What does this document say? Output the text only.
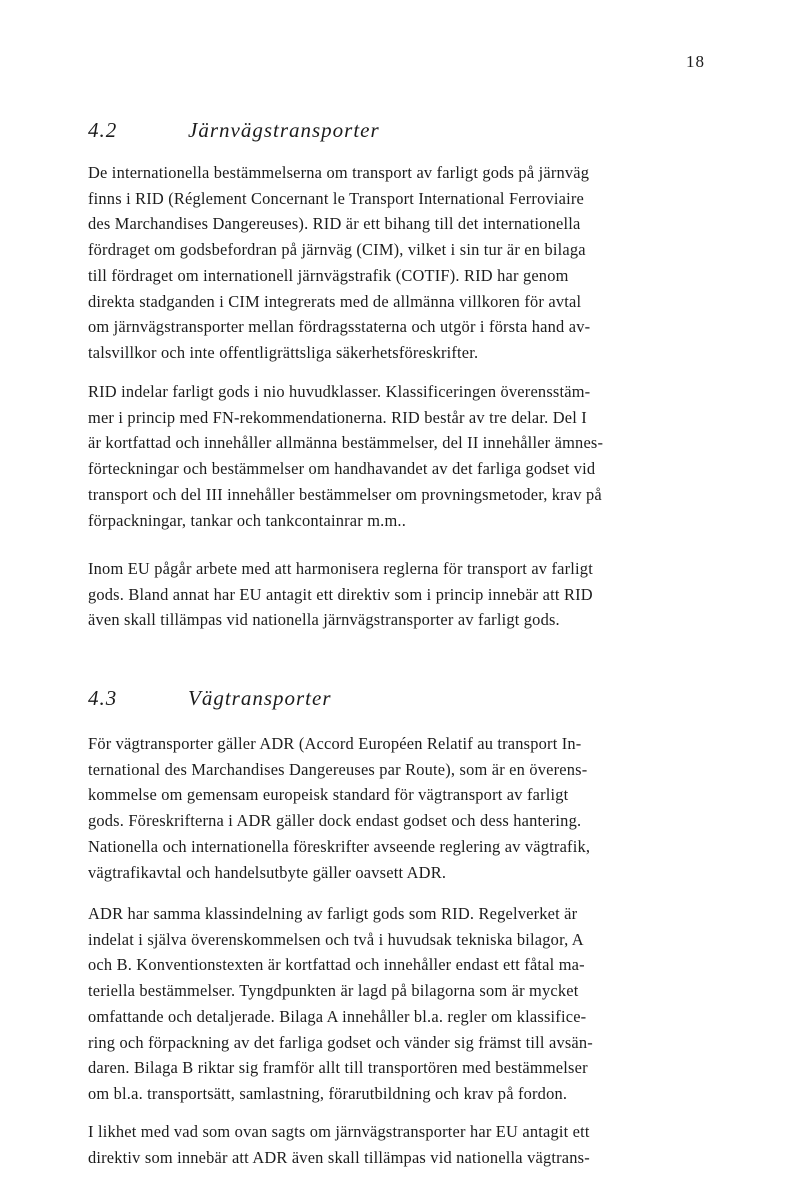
18
4.2	Järnvägstransporter
De internationella bestämmelserna om transport av farligt gods på järnväg
finns i RID (Réglement Concernant le Transport International Ferroviaire
des Marchandises Dangereuses). RID är ett bihang till det internationella
fördraget om godsbefordran på järnväg (CIM), vilket i sin tur är en bilaga
till fördraget om internationell järnvägstrafik (COTIF). RID har genom
direkta stadganden i CIM integrerats med de allmänna villkoren för avtal
om järnvägstransporter mellan fördragsstaterna och utgör i första hand av-
talsvillkor och inte offentligrättsliga säkerhetsföreskrifter.
RID indelar farligt gods i nio huvudklasser. Klassificeringen överensstäm-
mer i princip med FN-rekommendationerna. RID består av tre delar. Del I
är kortfattad och innehåller allmänna bestämmelser, del II innehåller ämnes-
förteckningar och bestämmelser om handhavandet av det farliga godset vid
transport och del III innehåller bestämmelser om provningsmetoder, krav på
förpackningar, tankar och tankcontainrar m.m..
Inom EU pågår arbete med att harmonisera reglerna för transport av farligt
gods. Bland annat har EU antagit ett direktiv som i princip innebär att RID
även skall tillämpas vid nationella järnvägstransporter av farligt gods.
4.3	Vägtransporter
För vägtransporter gäller ADR (Accord Européen Relatif au transport In-
ternational des Marchandises Dangereuses par Route), som är en överens-
kommelse om gemensam europeisk standard för vägtransport av farligt
gods. Föreskrifterna i ADR gäller dock endast godset och dess hantering.
Nationella och internationella föreskrifter avseende reglering av vägtrafik,
vägtrafikavtal och handelsutbyte gäller oavsett ADR.
ADR har samma klassindelning av farligt gods som RID. Regelverket är
indelat i själva överenskommelsen och två i huvudsak tekniska bilagor, A
och B. Konventionstexten är kortfattad och innehåller endast ett fåtal ma-
teriella bestämmelser. Tyngdpunkten är lagd på bilagorna som är mycket
omfattande och detaljerade. Bilaga A innehåller bl.a. regler om klassifice-
ring och förpackning av det farliga godset och vänder sig främst till avsän-
daren. Bilaga B riktar sig framför allt till transportören med bestämmelser
om bl.a. transportsätt, samlastning, förarutbildning och krav på fordon.
I likhet med vad som ovan sagts om järnvägstransporter har EU antagit ett
direktiv som innebär att ADR även skall tillämpas vid nationella vägtrans-
